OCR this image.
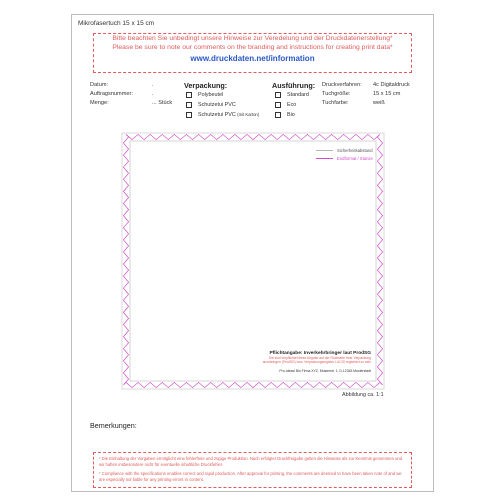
Mikrofasertuch 15 x 15 cm
Bitte beachten Sie unbedingt unsere Hinweise zur Veredelung und der Druckdatenerstellung*
Please be sure to note our comments on the branding and instructions for creating print data*
www.druckdaten.net/information
Datum:
Auftragsnummer:
Menge:
.
.
... Stück
Verpackung:
Polybeutel
Schutzetui PVC
Schutzetui PVC (mit Karton)
Ausführung:
Standard
Eco
Bio
Druckverfahren:
Tuchgröße:
Tuchfarbe:
4c Digitaldruck
15 x 15 cm
weiß
Sicherheitsabstand
Endformat / Stanze
Pflichtangabe: Inverkehrbringer laut ProdSG
Sie sind verpflichtet diese Angabe auf der Rückseite Ihrer Verpackung anzubringen (ProdSG) bzw. Verpackungsregister LUCID registriert zu sein
Pro-Ideasl Bio Firma XYZ, Musterstr. 1, D-12345 Musterstadt
Abbildung ca. 1:1
Bemerkungen:

* Die Einhaltung der Vorgaben ermöglicht eine fehlerfreie und zügige Produktion. Nach erfolgter Druckfreigabe gelten die Hinweise als zur Kenntnis genommen und wir haften insbesondere nicht für eventuelle inhaltliche Druckfehler.

* Compliance with the specifications enables correct and rapid production. After approval for printing, the comments are deemed to have been taken note of and we are especially not liable for any printing errors in content.
